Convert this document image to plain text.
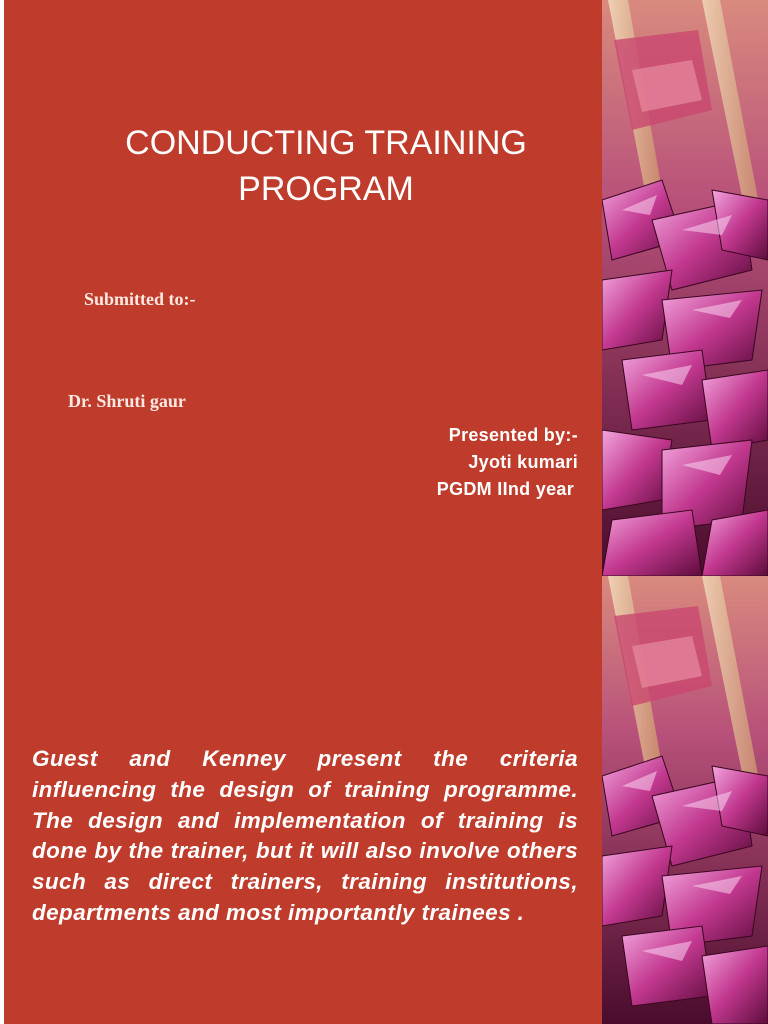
CONDUCTING TRAINING
PROGRAM
Submitted to:-
Dr. Shruti gaur
Presented by:-
Jyoti kumari
PGDM IInd year
Guest and Kenney present the criteria influencing the design of training programme. The design and implementation of training is done by the trainer, but it will also involve others such as direct trainers, training institutions, departments and most importantly trainees .
